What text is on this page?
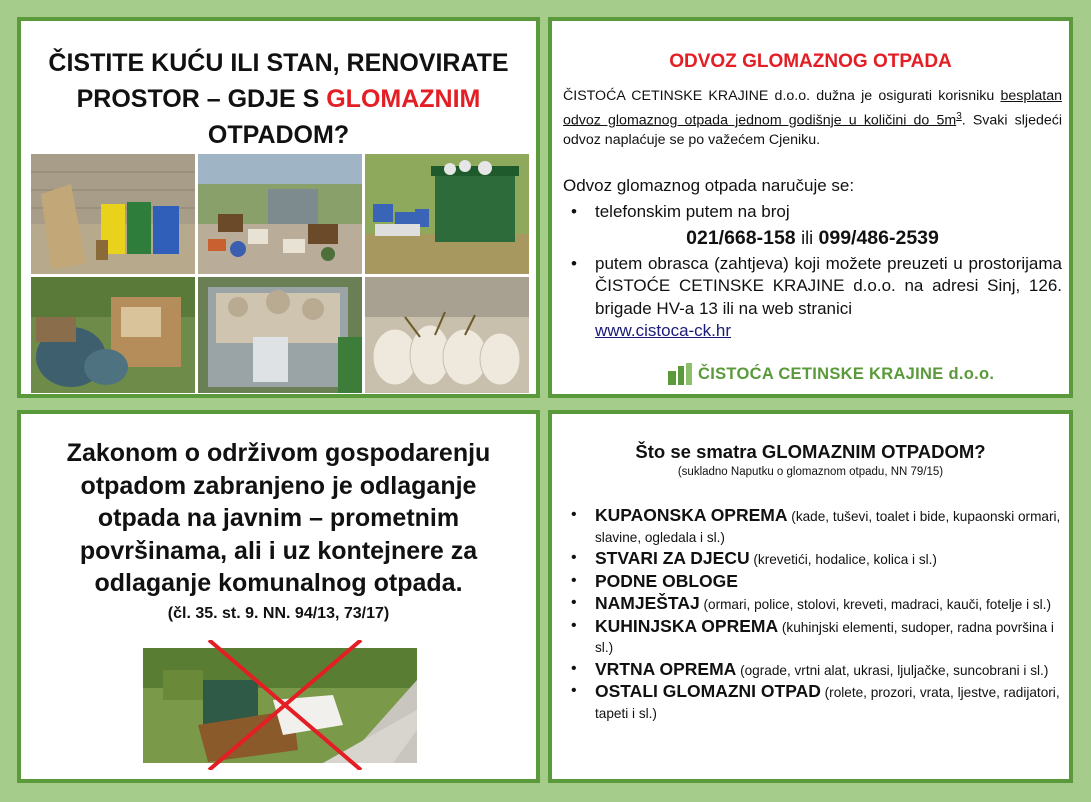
ČISTITE KUĆU ILI STAN, RENOVIRATE
PROSTOR – GDJE S GLOMAZNIM
OTPADOM?
ODVOZ GLOMAZNOG OTPADA
ČISTOĆA CETINSKE KRAJINE d.o.o. dužna je osigurati korisniku besplatan odvoz glomaznog otpada jednom godišnje u količini do $5m^3$. Svaki sljedeći odvoz naplaćuje se po važećem Cjeniku.
Odvoz glomaznog otpada naručuje se:
•	telefonskim putem na broj
021/668-158 ili 099/486-2539
•	putem obrasca (zahtjeva) koji možete preuzeti u prostorijama ČISTOĆE CETINSKE KRAJINE d.o.o. na adresi Sinj, 126. brigade HV-a 13 ili na web stranici
www.cistoca-ck.hr
ČISTOĆA CETINSKE KRAJINE d.o.o.
Zakonom o održivom gospodarenju
otpadom zabranjeno je odlaganje
otpada na javnim – prometnim
površinama, ali i uz kontejnere za
odlaganje komunalnog otpada.
(čl. 35. st. 9. NN. 94/13, 73/17)
Što se smatra GLOMAZNIM OTPADOM?
(sukladno Naputku o glomaznom otpadu, NN 79/15)
•	KUPAONSKA OPREMA (kade, tuševi, toalet i bide, kupaonski ormari, slavine, ogledala i sl.)
•	STVARI ZA DJECU (krevetići, hodalice, kolica i sl.)
•	PODNE OBLOGE
•	NAMJEŠTAJ (ormari, police, stolovi, kreveti, madraci, kauči, fotelje i sl.)
•	KUHINJSKA OPREMA (kuhinjski elementi, sudoper, radna površina i sl.)
•	VRTNA OPREMA (ograde, vrtni alat, ukrasi, ljuljačke, suncobrani i sl.)
•	OSTALI GLOMAZNI OTPAD (rolete, prozori, vrata, ljestve, radijatori, tapeti i sl.)
